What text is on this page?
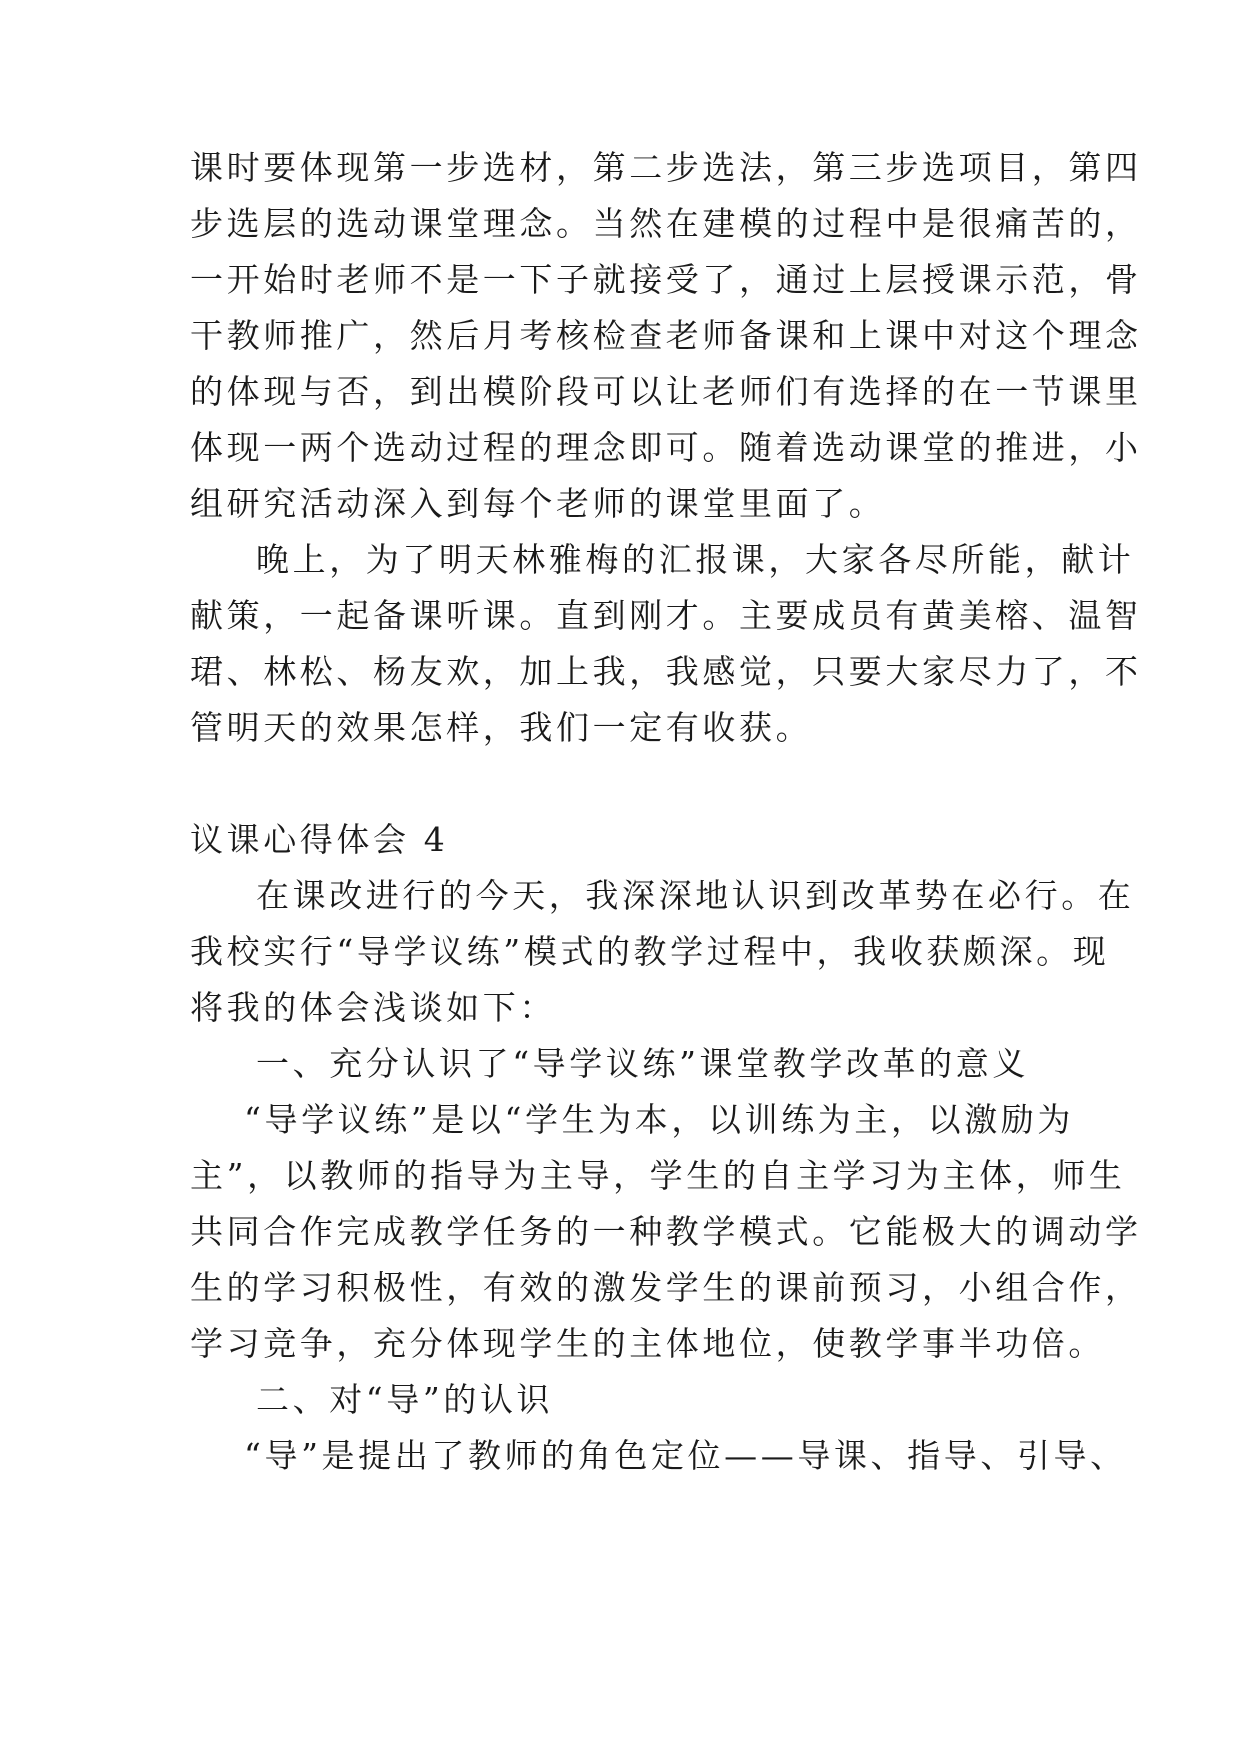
课时要体现第一步选材，第二步选法，第三步选项目，第四
步选层的选动课堂理念。当然在建模的过程中是很痛苦的，
一开始时老师不是一下子就接受了，通过上层授课示范，骨
干教师推广，然后月考核检查老师备课和上课中对这个理念
的体现与否，到出模阶段可以让老师们有选择的在一节课里
体现一两个选动过程的理念即可。随着选动课堂的推进，小
组研究活动深入到每个老师的课堂里面了。
晚上，为了明天林雅梅的汇报课，大家各尽所能，献计
献策，一起备课听课。直到刚才。主要成员有黄美榕、温智
珺、林松、杨友欢，加上我，我感觉，只要大家尽力了，不
管明天的效果怎样，我们一定有收获。
议课心得体会 4
在课改进行的今天，我深深地认识到改革势在必行。在
我校实行“导学议练”模式的教学过程中，我收获颇深。现
将我的体会浅谈如下：
一、充分认识了“导学议练”课堂教学改革的意义
“导学议练”是以“学生为本，以训练为主，以激励为
主”，以教师的指导为主导，学生的自主学习为主体，师生
共同合作完成教学任务的一种教学模式。它能极大的调动学
生的学习积极性，有效的激发学生的课前预习，小组合作，
学习竞争，充分体现学生的主体地位，使教学事半功倍。
二、对“导”的认识
“导”是提出了教师的角色定位——导课、指导、引导、
